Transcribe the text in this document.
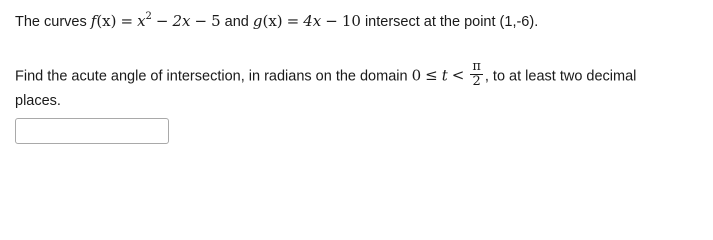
The curves $f(x) = x^2 - 2x - 5$ and g(x) = 4x − 10 intersect at the point (1,-6).
Find the acute angle of intersection, in radians on the domain $0 \le t < \frac{\pi}{2}$ , to at least two decimal
places.
